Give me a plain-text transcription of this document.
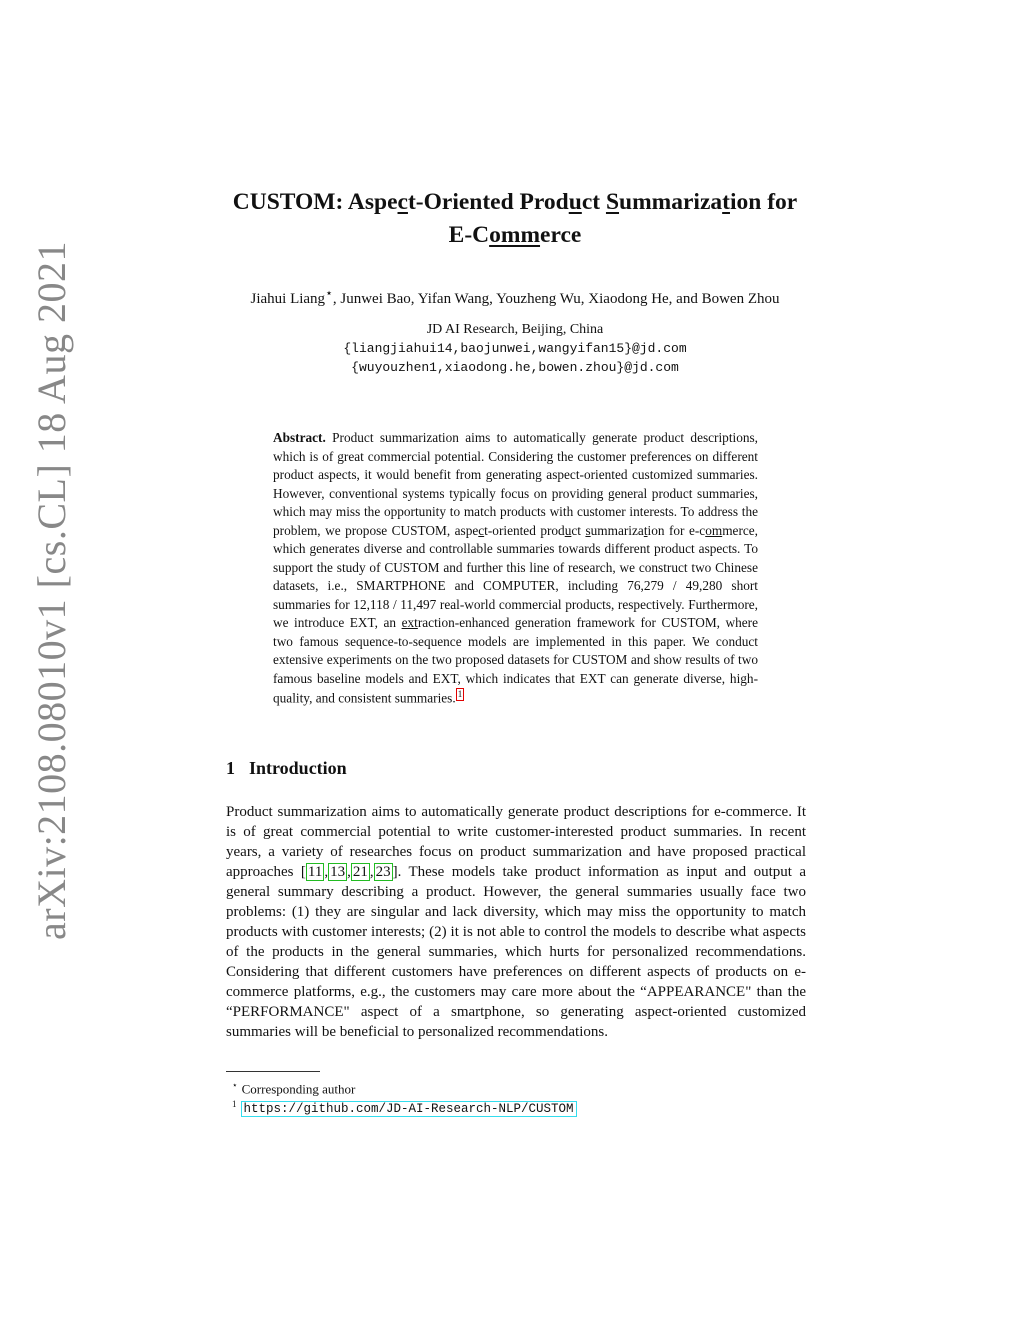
arXiv:2108.08010v1 [cs.CL] 18 Aug 2021
CUSTOM: Aspect-Oriented Product Summarization for
E-Commerce
Jiahui Liang⋆, Junwei Bao, Yifan Wang, Youzheng Wu, Xiaodong He, and Bowen Zhou
JD AI Research, Beijing, China
{liangjiahui14,baojunwei,wangyifan15}@jd.com
{wuyouzhen1,xiaodong.he,bowen.zhou}@jd.com
Abstract. Product summarization aims to automatically generate product descriptions, which is of great commercial potential. Considering the customer preferences on different product aspects, it would benefit from generating aspect-oriented customized summaries. However, conventional systems typically focus on providing general product summaries, which may miss the opportunity to match products with customer interests. To address the problem, we propose CUSTOM, aspect-oriented product summarization for e-commerce, which generates diverse and controllable summaries towards different product aspects. To support the study of CUSTOM and further this line of research, we construct two Chinese datasets, i.e., SMARTPHONE and COMPUTER, including 76,279 / 49,280 short summaries for 12,118 / 11,497 real-world commercial products, respectively. Furthermore, we introduce EXT, an extraction-enhanced generation framework for CUSTOM, where two famous sequence-to-sequence models are implemented in this paper. We conduct extensive experiments on the two proposed datasets for CUSTOM and show results of two famous baseline models and EXT, which indicates that EXT can generate diverse, high-quality, and consistent summaries. 1
1 Introduction
Product summarization aims to automatically generate product descriptions for e-commerce. It is of great commercial potential to write customer-interested product summaries. In recent years, a variety of researches focus on product summarization and have proposed practical approaches [ 11 , 13 , 21 , 23 ]. These models take product information as input and output a general summary describing a product. However, the general summaries usually face two problems: (1) they are singular and lack diversity, which may miss the opportunity to match products with customer interests; (2) it is not able to control the models to describe what aspects of the products in the general summaries, which hurts for personalized recommendations. Considering that different customers have preferences on different aspects of products on e-commerce platforms, e.g., the customers may care more about the “APPEARANCE" than the “PERFORMANCE" aspect of a smartphone, so generating aspect-oriented customized summaries will be beneficial to personalized recommendations.
⋆ Corresponding author
$^1$ https://github.com/JD-AI-Research-NLP/CUSTOM
